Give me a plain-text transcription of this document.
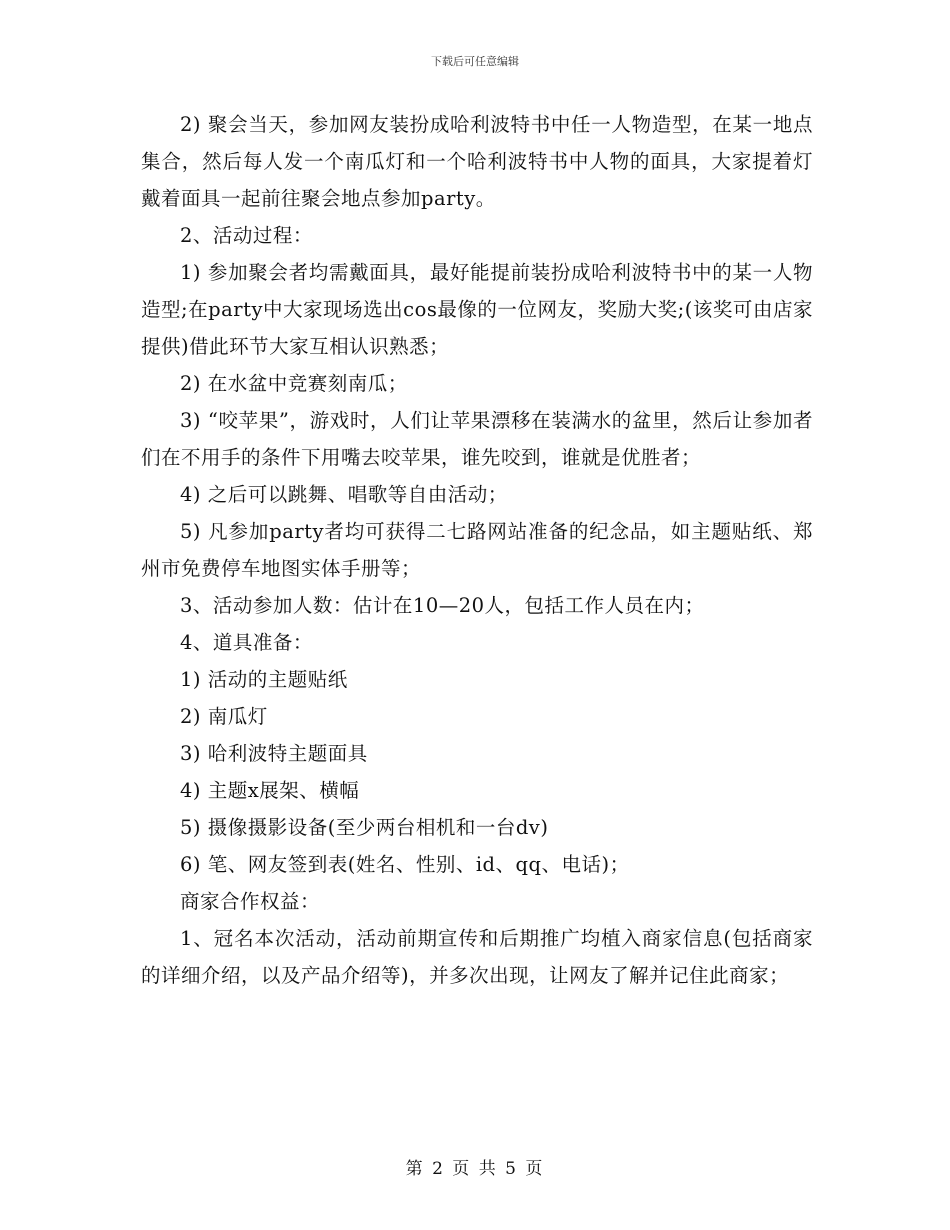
下载后可任意编辑

2) 聚会当天，参加网友装扮成哈利波特书中任一人物造型，在某一地点集合，然后每人发一个南瓜灯和一个哈利波特书中人物的面具，大家提着灯戴着面具一起前往聚会地点参加party。

2、活动过程：

1) 参加聚会者均需戴面具，最好能提前装扮成哈利波特书中的某一人物造型;在party中大家现场选出cos最像的一位网友，奖励大奖;(该奖可由店家提供)借此环节大家互相认识熟悉；

2) 在水盆中竞赛刻南瓜；

3) “咬苹果”，游戏时，人们让苹果漂移在装满水的盆里，然后让参加者们在不用手的条件下用嘴去咬苹果，谁先咬到，谁就是优胜者；

4) 之后可以跳舞、唱歌等自由活动；

5) 凡参加party者均可获得二七路网站准备的纪念品，如主题贴纸、郑州市免费停车地图实体手册等；

3、活动参加人数：估计在10—20人，包括工作人员在内；

4、道具准备：

1) 活动的主题贴纸

2) 南瓜灯

3) 哈利波特主题面具

4) 主题x展架、横幅

5) 摄像摄影设备(至少两台相机和一台dv)

6) 笔、网友签到表(姓名、性别、id、qq、电话)；

商家合作权益：

1、冠名本次活动，活动前期宣传和后期推广均植入商家信息(包括商家的详细介绍，以及产品介绍等)，并多次出现，让网友了解并记住此商家；

第 2 页 共 5 页
